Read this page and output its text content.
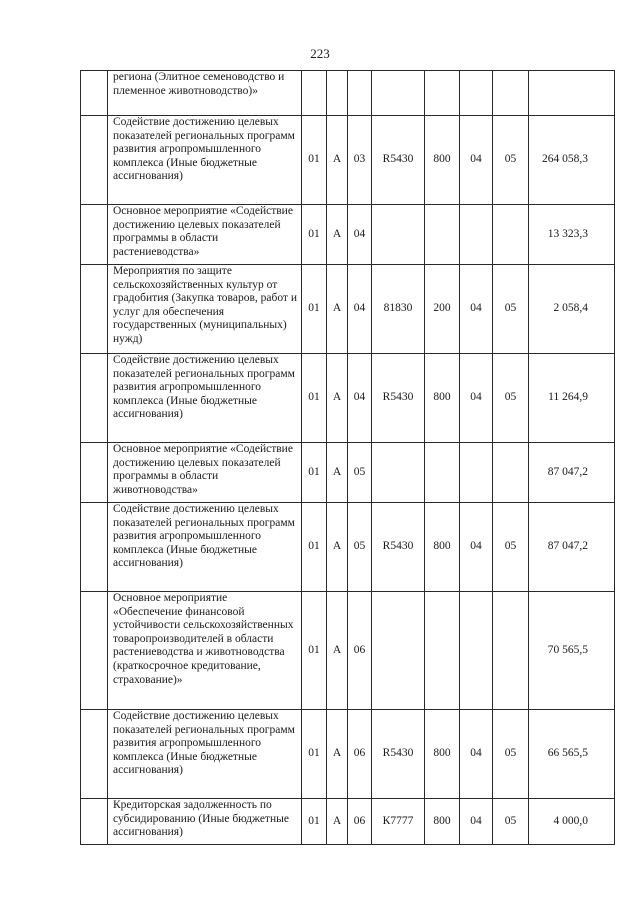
223
	региона (Элитное семеноводство и племенное животноводство)»								
	Содействие достижению целевых показателей региональных программ развития агропромышленного комплекса (Иные бюджетные ассигнования)	01	А	03	R5430	800	04	05	264 058,3
	Основное мероприятие «Содействие достижению целевых показателей программы в области растениеводства»	01	А	04					13 323,3
	Мероприятия по защите сельскохозяйственных культур от градобития (Закупка товаров, работ и услуг для обеспечения государственных (муниципальных) нужд)	01	А	04	81830	200	04	05	2 058,4
	Содействие достижению целевых показателей региональных программ развития агропромышленного комплекса (Иные бюджетные ассигнования)	01	А	04	R5430	800	04	05	11 264,9
	Основное мероприятие «Содействие достижению целевых показателей программы в области животноводства»	01	А	05					87 047,2
	Содействие достижению целевых показателей региональных программ развития агропромышленного комплекса (Иные бюджетные ассигнования)	01	А	05	R5430	800	04	05	87 047,2
	Основное мероприятие «Обеспечение финансовой устойчивости сельскохозяйственных товаропроизводителей в области растениеводства и животноводства (краткосрочное кредитование, страхование)»	01	А	06					70 565,5
	Содействие достижению целевых показателей региональных программ развития агропромышленного комплекса (Иные бюджетные ассигнования)	01	А	06	R5430	800	04	05	66 565,5
	Кредиторская задолженность по субсидированию (Иные бюджетные ассигнования)	01	А	06	К7777	800	04	05	4 000,0
